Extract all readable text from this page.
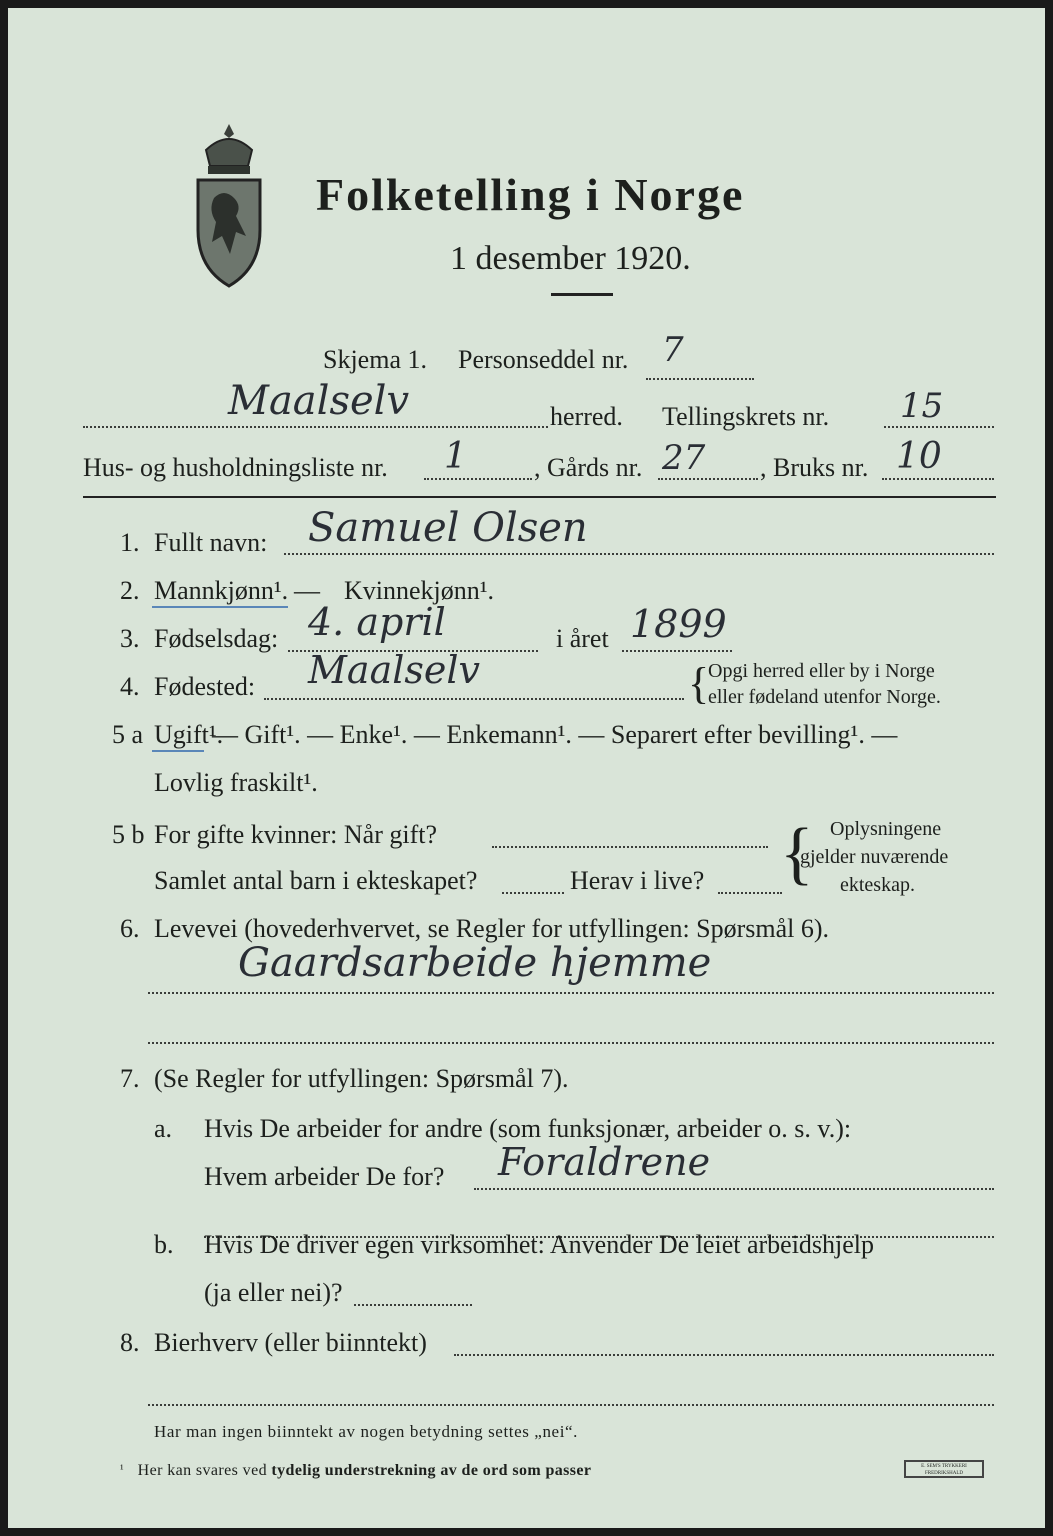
Folketelling i Norge
1 desember 1920.
Skjema 1. Personseddel nr. 7
Maalselv	herred. Tellingskrets nr. 15
Hus- og husholdningsliste nr. 1	, Gårds nr. 27 , Bruks nr. 10
1. Fullt navn: Samuel Olsen
2. Mannkjønn¹. — Kvinnekjønn¹.
3. Fødselsdag: 4. april	i året 1899
4. Fødested: Maalselv	{
Opgi herred eller by i Norge
eller fødeland utenfor Norge.
5 a Ugift¹.
— Gift¹. — Enke¹. — Enkemann¹. — Separert efter bevilling¹. —
Lovlig fraskilt¹.
5 b For gifte kvinner: Når gift?
Samlet antal barn i ekteskapet?	Herav i live? { Oplysningene
gjelder nuværende
ekteskap.
6. Levevei (hovederhvervet, se Regler for utfyllingen: Spørsmål 6).
Gaardsarbeide hjemme
7. (Se Regler for utfyllingen: Spørsmål 7).
a. Hvis De arbeider for andre (som funksjonær, arbeider o. s. v.):
Hvem arbeider De for? Foraldrene
b. Hvis De driver egen virksomhet: Anvender De leiet arbeidshjelp
(ja eller nei)?
8. Bierhverv (eller biinntekt)
Har man ingen biinntekt av nogen betydning settes „nei“.
$^{^1}$ Her kan svares ved tydelig understrekning av de ord som passer	E. SEM'S TRYKKERI FREDRIKSHALD
